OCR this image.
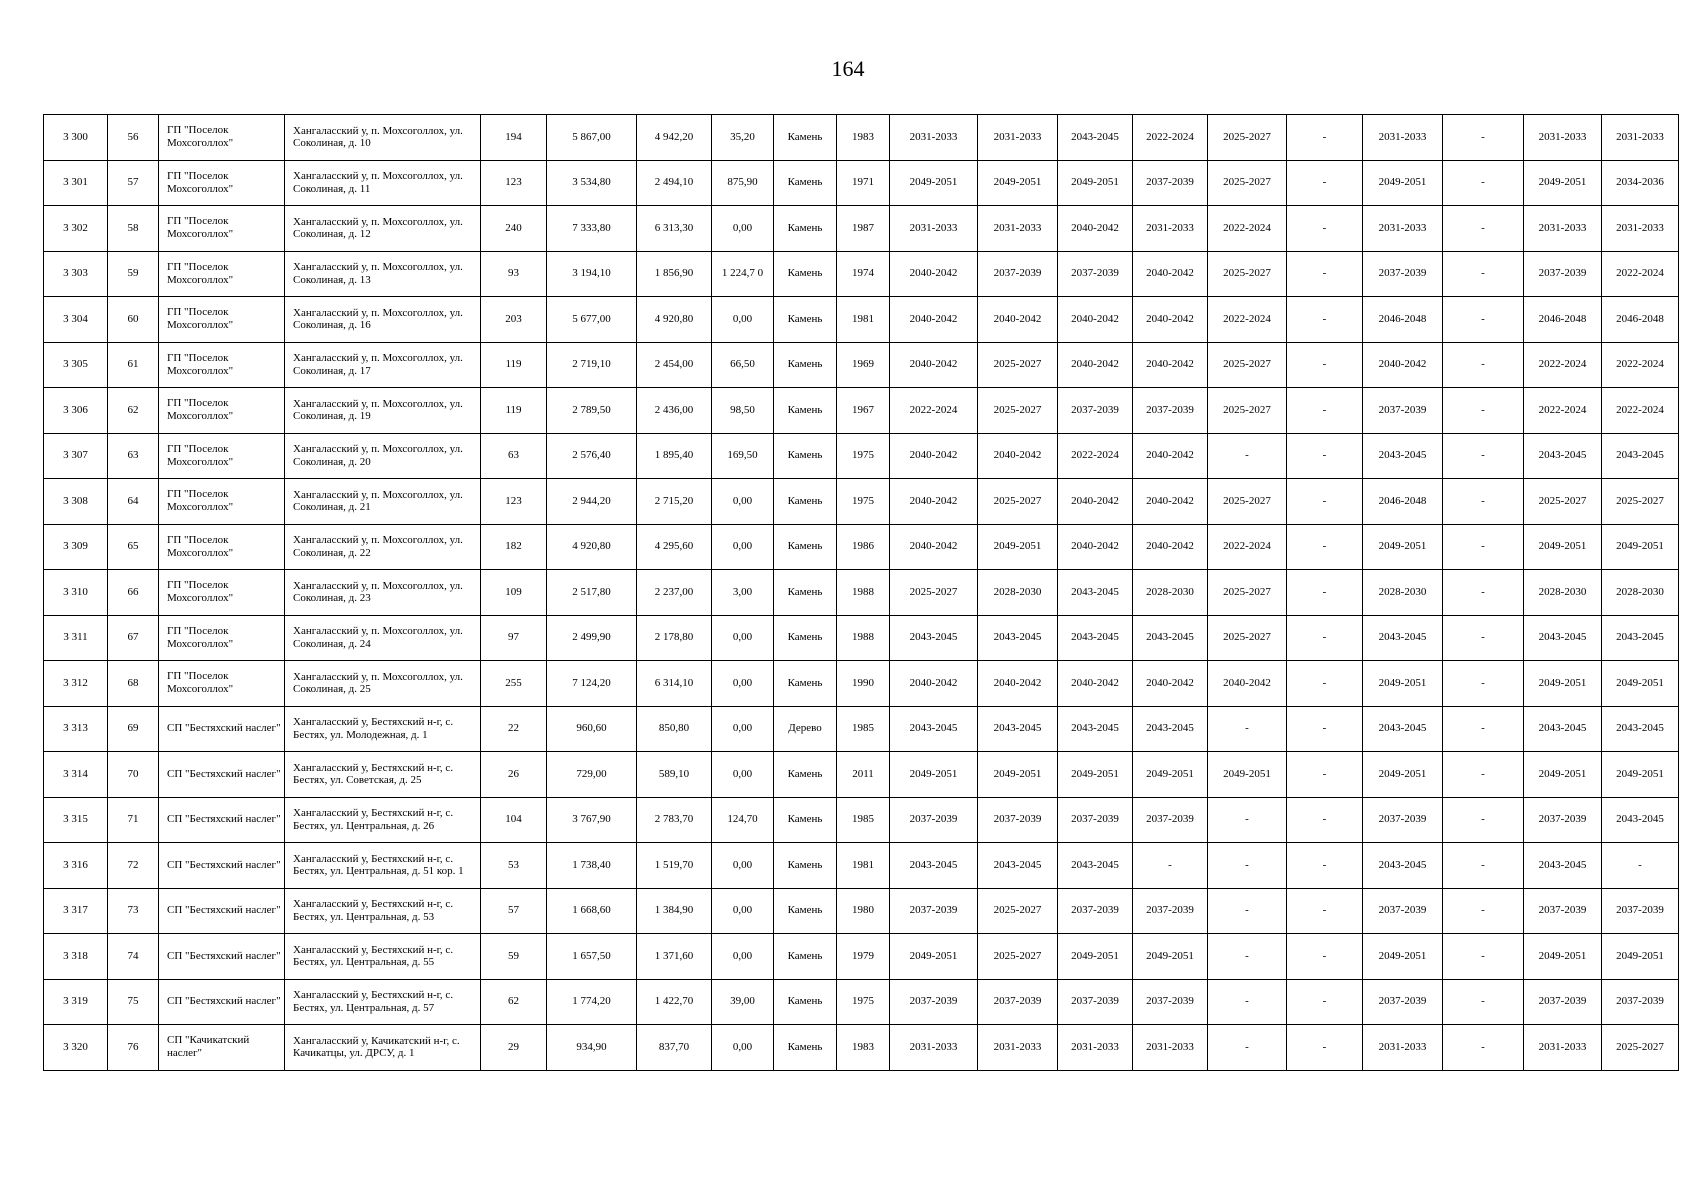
164
3 300	56	ГП "Поселок Мохсоголлох"	Хангаласский у, п. Мохсоголлох, ул. Соколиная, д. 10	194	5 867,00	4 942,20	35,20	Камень	1983	2031-2033	2031-2033	2043-2045	2022-2024	2025-2027	-	2031-2033	-	2031-2033	2031-2033
3 301	57	ГП "Поселок Мохсоголлох"	Хангаласский у, п. Мохсоголлох, ул. Соколиная, д. 11	123	3 534,80	2 494,10	875,90	Камень	1971	2049-2051	2049-2051	2049-2051	2037-2039	2025-2027	-	2049-2051	-	2049-2051	2034-2036
3 302	58	ГП "Поселок Мохсоголлох"	Хангаласский у, п. Мохсоголлох, ул. Соколиная, д. 12	240	7 333,80	6 313,30	0,00	Камень	1987	2031-2033	2031-2033	2040-2042	2031-2033	2022-2024	-	2031-2033	-	2031-2033	2031-2033
3 303	59	ГП "Поселок Мохсоголлох"	Хангаласский у, п. Мохсоголлох, ул. Соколиная, д. 13	93	3 194,10	1 856,90	1 224,7 0	Камень	1974	2040-2042	2037-2039	2037-2039	2040-2042	2025-2027	-	2037-2039	-	2037-2039	2022-2024
3 304	60	ГП "Поселок Мохсоголлох"	Хангаласский у, п. Мохсоголлох, ул. Соколиная, д. 16	203	5 677,00	4 920,80	0,00	Камень	1981	2040-2042	2040-2042	2040-2042	2040-2042	2022-2024	-	2046-2048	-	2046-2048	2046-2048
3 305	61	ГП "Поселок Мохсоголлох"	Хангаласский у, п. Мохсоголлох, ул. Соколиная, д. 17	119	2 719,10	2 454,00	66,50	Камень	1969	2040-2042	2025-2027	2040-2042	2040-2042	2025-2027	-	2040-2042	-	2022-2024	2022-2024
3 306	62	ГП "Поселок Мохсоголлох"	Хангаласский у, п. Мохсоголлох, ул. Соколиная, д. 19	119	2 789,50	2 436,00	98,50	Камень	1967	2022-2024	2025-2027	2037-2039	2037-2039	2025-2027	-	2037-2039	-	2022-2024	2022-2024
3 307	63	ГП "Поселок Мохсоголлох"	Хангаласский у, п. Мохсоголлох, ул. Соколиная, д. 20	63	2 576,40	1 895,40	169,50	Камень	1975	2040-2042	2040-2042	2022-2024	2040-2042	-	-	2043-2045	-	2043-2045	2043-2045
3 308	64	ГП "Поселок Мохсоголлох"	Хангаласский у, п. Мохсоголлох, ул. Соколиная, д. 21	123	2 944,20	2 715,20	0,00	Камень	1975	2040-2042	2025-2027	2040-2042	2040-2042	2025-2027	-	2046-2048	-	2025-2027	2025-2027
3 309	65	ГП "Поселок Мохсоголлох"	Хангаласский у, п. Мохсоголлох, ул. Соколиная, д. 22	182	4 920,80	4 295,60	0,00	Камень	1986	2040-2042	2049-2051	2040-2042	2040-2042	2022-2024	-	2049-2051	-	2049-2051	2049-2051
3 310	66	ГП "Поселок Мохсоголлох"	Хангаласский у, п. Мохсоголлох, ул. Соколиная, д. 23	109	2 517,80	2 237,00	3,00	Камень	1988	2025-2027	2028-2030	2043-2045	2028-2030	2025-2027	-	2028-2030	-	2028-2030	2028-2030
3 311	67	ГП "Поселок Мохсоголлох"	Хангаласский у, п. Мохсоголлох, ул. Соколиная, д. 24	97	2 499,90	2 178,80	0,00	Камень	1988	2043-2045	2043-2045	2043-2045	2043-2045	2025-2027	-	2043-2045	-	2043-2045	2043-2045
3 312	68	ГП "Поселок Мохсоголлох"	Хангаласский у, п. Мохсоголлох, ул. Соколиная, д. 25	255	7 124,20	6 314,10	0,00	Камень	1990	2040-2042	2040-2042	2040-2042	2040-2042	2040-2042	-	2049-2051	-	2049-2051	2049-2051
3 313	69	СП "Бестяхский наслег"	Хангаласский у, Бестяхский н-г, с. Бестях, ул. Молодежная, д. 1	22	960,60	850,80	0,00	Дерево	1985	2043-2045	2043-2045	2043-2045	2043-2045	-	-	2043-2045	-	2043-2045	2043-2045
3 314	70	СП "Бестяхский наслег"	Хангаласский у, Бестяхский н-г, с. Бестях, ул. Советская, д. 25	26	729,00	589,10	0,00	Камень	2011	2049-2051	2049-2051	2049-2051	2049-2051	2049-2051	-	2049-2051	-	2049-2051	2049-2051
3 315	71	СП "Бестяхский наслег"	Хангаласский у, Бестяхский н-г, с. Бестях, ул. Центральная, д. 26	104	3 767,90	2 783,70	124,70	Камень	1985	2037-2039	2037-2039	2037-2039	2037-2039	-	-	2037-2039	-	2037-2039	2043-2045
3 316	72	СП "Бестяхский наслег"	Хангаласский у, Бестяхский н-г, с. Бестях, ул. Центральная, д. 51 кор. 1	53	1 738,40	1 519,70	0,00	Камень	1981	2043-2045	2043-2045	2043-2045	-	-	-	2043-2045	-	2043-2045	-
3 317	73	СП "Бестяхский наслег"	Хангаласский у, Бестяхский н-г, с. Бестях, ул. Центральная, д. 53	57	1 668,60	1 384,90	0,00	Камень	1980	2037-2039	2025-2027	2037-2039	2037-2039	-	-	2037-2039	-	2037-2039	2037-2039
3 318	74	СП "Бестяхский наслег"	Хангаласский у, Бестяхский н-г, с. Бестях, ул. Центральная, д. 55	59	1 657,50	1 371,60	0,00	Камень	1979	2049-2051	2025-2027	2049-2051	2049-2051	-	-	2049-2051	-	2049-2051	2049-2051
3 319	75	СП "Бестяхский наслег"	Хангаласский у, Бестяхский н-г, с. Бестях, ул. Центральная, д. 57	62	1 774,20	1 422,70	39,00	Камень	1975	2037-2039	2037-2039	2037-2039	2037-2039	-	-	2037-2039	-	2037-2039	2037-2039
3 320	76	СП "Качикатский наслег"	Хангаласский у, Качикатский н-г, с. Качикатцы, ул. ДРСУ, д. 1	29	934,90	837,70	0,00	Камень	1983	2031-2033	2031-2033	2031-2033	2031-2033	-	-	2031-2033	-	2031-2033	2025-2027
